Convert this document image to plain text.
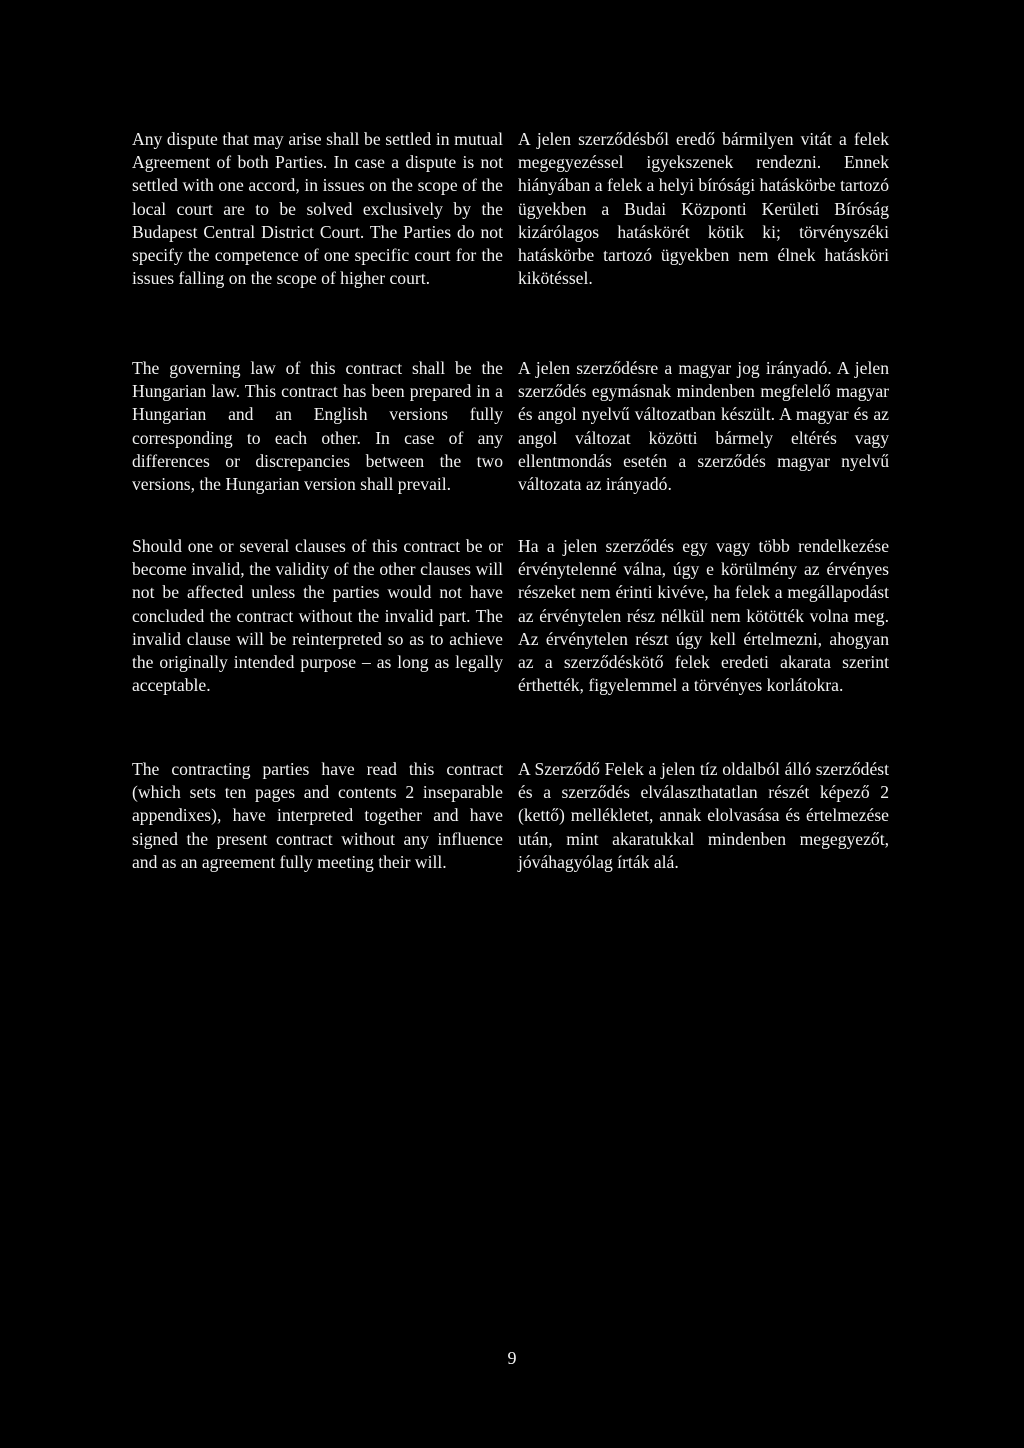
Any dispute that may arise shall be settled in mutual Agreement of both Parties. In case a dispute is not settled with one accord, in issues on the scope of the local court are to be solved exclusively by the Budapest Central District Court. The Parties do not specify the competence of one specific court for the issues falling on the scope of higher court.

The governing law of this contract shall be the Hungarian law. This contract has been prepared in a Hungarian and an English versions fully corresponding to each other. In case of any differences or discrepancies between the two versions, the Hungarian version shall prevail.

Should one or several clauses of this contract be or become invalid, the validity of the other clauses will not be affected unless the parties would not have concluded the contract without the invalid part. The invalid clause will be reinterpreted so as to achieve the originally intended purpose – as long as legally acceptable.

The contracting parties have read this contract (which sets ten pages and contents 2 inseparable appendixes), have interpreted together and have signed the present contract without any influence and as an agreement fully meeting their will.

A jelen szerződésből eredő bármilyen vitát a felek megegyezéssel igyekszenek rendezni. Ennek hiányában a felek a helyi bírósági hatáskörbe tartozó ügyekben a Budai Központi Kerületi Bíróság kizárólagos hatáskörét kötik ki; törvényszéki hatáskörbe tartozó ügyekben nem élnek hatásköri kikötéssel.

A jelen szerződésre a magyar jog irányadó. A jelen szerződés egymásnak mindenben megfelelő magyar és angol nyelvű változatban készült. A magyar és az angol változat közötti bármely eltérés vagy ellentmondás esetén a szerződés magyar nyelvű változata az irányadó.

Ha a jelen szerződés egy vagy több rendelkezése érvénytelenné válna, úgy e körülmény az érvényes részeket nem érinti kivéve, ha felek a megállapodást az érvénytelen rész nélkül nem kötötték volna meg. Az érvénytelen részt úgy kell értelmezni, ahogyan az a szerződéskötő felek eredeti akarata szerint érthették, figyelemmel a törvényes korlátokra.

A Szerződő Felek a jelen tíz oldalból álló szerződést és a szerződés elválaszthatatlan részét képező 2 (kettő) mellékletet, annak elolvasása és értelmezése után, mint akaratukkal mindenben megegyezőt, jóváhagyólag írták alá.

9
